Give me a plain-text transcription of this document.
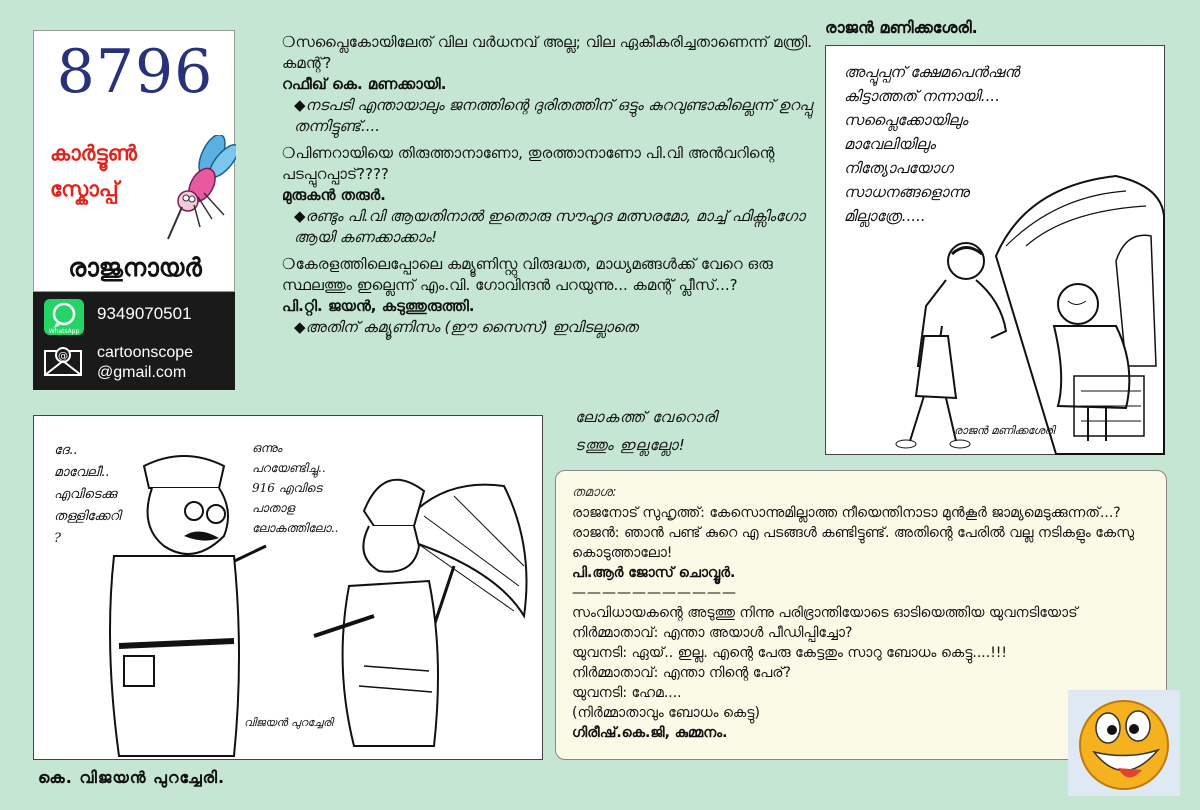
8796
കാർട്ടൂൺ
സ്കോപ്പ്
രാജുനായർ
WhatsApp
9349070501
@ cartoonscope
@gmail.com

❍സപ്ലൈകോയിലേത് വില വർധനവ് അല്ല; വില ഏകീകരിച്ചതാണെന്ന് മന്ത്രി. കമന്റ്?

റഫീഖ് കെ. മണക്കായി.

◆നടപടി എന്തായാലും ജനത്തിന്റെ ദുരിതത്തിന് ഒട്ടും കുറവുണ്ടാകില്ലെന്ന് ഉറപ്പു തന്നിട്ടുണ്ട്....

❍പിണറായിയെ തിരുത്താനാണോ, തുരത്താനാണോ പി.വി അൻവറിന്റെ പടപ്പുറപ്പാട്????

മുരുകൻ തരുർ.

◆രണ്ടും പി.വി ആയതിനാൽ ഇതൊരു സൗഹൃദ മത്സരമോ, മാച്ച് ഫിക്സിംഗോ ആയി കണക്കാക്കാം!

❍കേരളത്തിലെപ്പോലെ കമ്യൂണിസ്റ്റു വിരുദ്ധത, മാധ്യമങ്ങൾക്ക് വേറെ ഒരു സ്ഥലത്തും ഇല്ലെന്ന് എം.വി. ഗോവിന്ദൻ പറയുന്നു... കമന്റ് പ്ലീസ്...?

പി.റ്റി. ജയൻ, കടുത്തുരുത്തി.

◆അതിന് കമ്യൂണിസം (ഈ സൈസ്) ഇവിടല്ലാതെ

ലോകത്ത് വേറൊരി
ടത്തും ഇല്ലല്ലോ!
രാജൻ മണിക്കശേരി.
അപ്പൂപ്പന് ക്ഷേമപെൻഷൻ
കിട്ടാത്തത് നന്നായി....
സപ്ലൈക്കോയിലും
മാവേലിയിലും
നിത്യോപയോഗ
സാധനങ്ങളൊന്നു
മില്ലാത്രേ.....
രാജൻ മണിക്കശേരി
ദേ..
മാവേലീ..
എവിടെക്കു
തള്ളിക്കേറി
?
ഒന്നും
പറയേണ്ടിച്ചു..
916 എവിടെ
പാതാള
ലോകത്തിലോ..
വിജയൻ പുറച്ചേരി
കെ. വിജയൻ പുറച്ചേരി.
തമാശ:
രാജനോട് സുഹൃത്ത്: കേസൊന്നുമില്ലാത്ത നീയെന്തിനാടാ മുൻകൂർ ജാമ്യമെടുക്കുന്നത്...?
രാജൻ: ഞാൻ പണ്ട് കുറെ എ പടങ്ങൾ കണ്ടിട്ടുണ്ട്. അതിന്റെ പേരിൽ വല്ല നടികളും കേസു കൊടുത്താലോ!
പി.ആർ ജോസ് ചൊവ്വൂർ.
———————————
സംവിധായകന്റെ അടുത്തു നിന്നു പരിഭ്രാന്തിയോടെ ഓടിയെത്തിയ യുവനടിയോട് നിർമ്മാതാവ്: എന്താ അയാൾ പീഡിപ്പിച്ചോ?
യുവനടി: ഏയ്.. ഇല്ല. എന്റെ പേരു കേട്ടതും സാറു ബോധം കെട്ടു....!!!
നിർമ്മാതാവ്: എന്താ നിന്റെ പേര്?
യുവനടി: ഹേമ....
(നിർമ്മാതാവും ബോധം കെട്ടു)
ഗിരീഷ്.കെ.ജി, കുമ്മനം.
